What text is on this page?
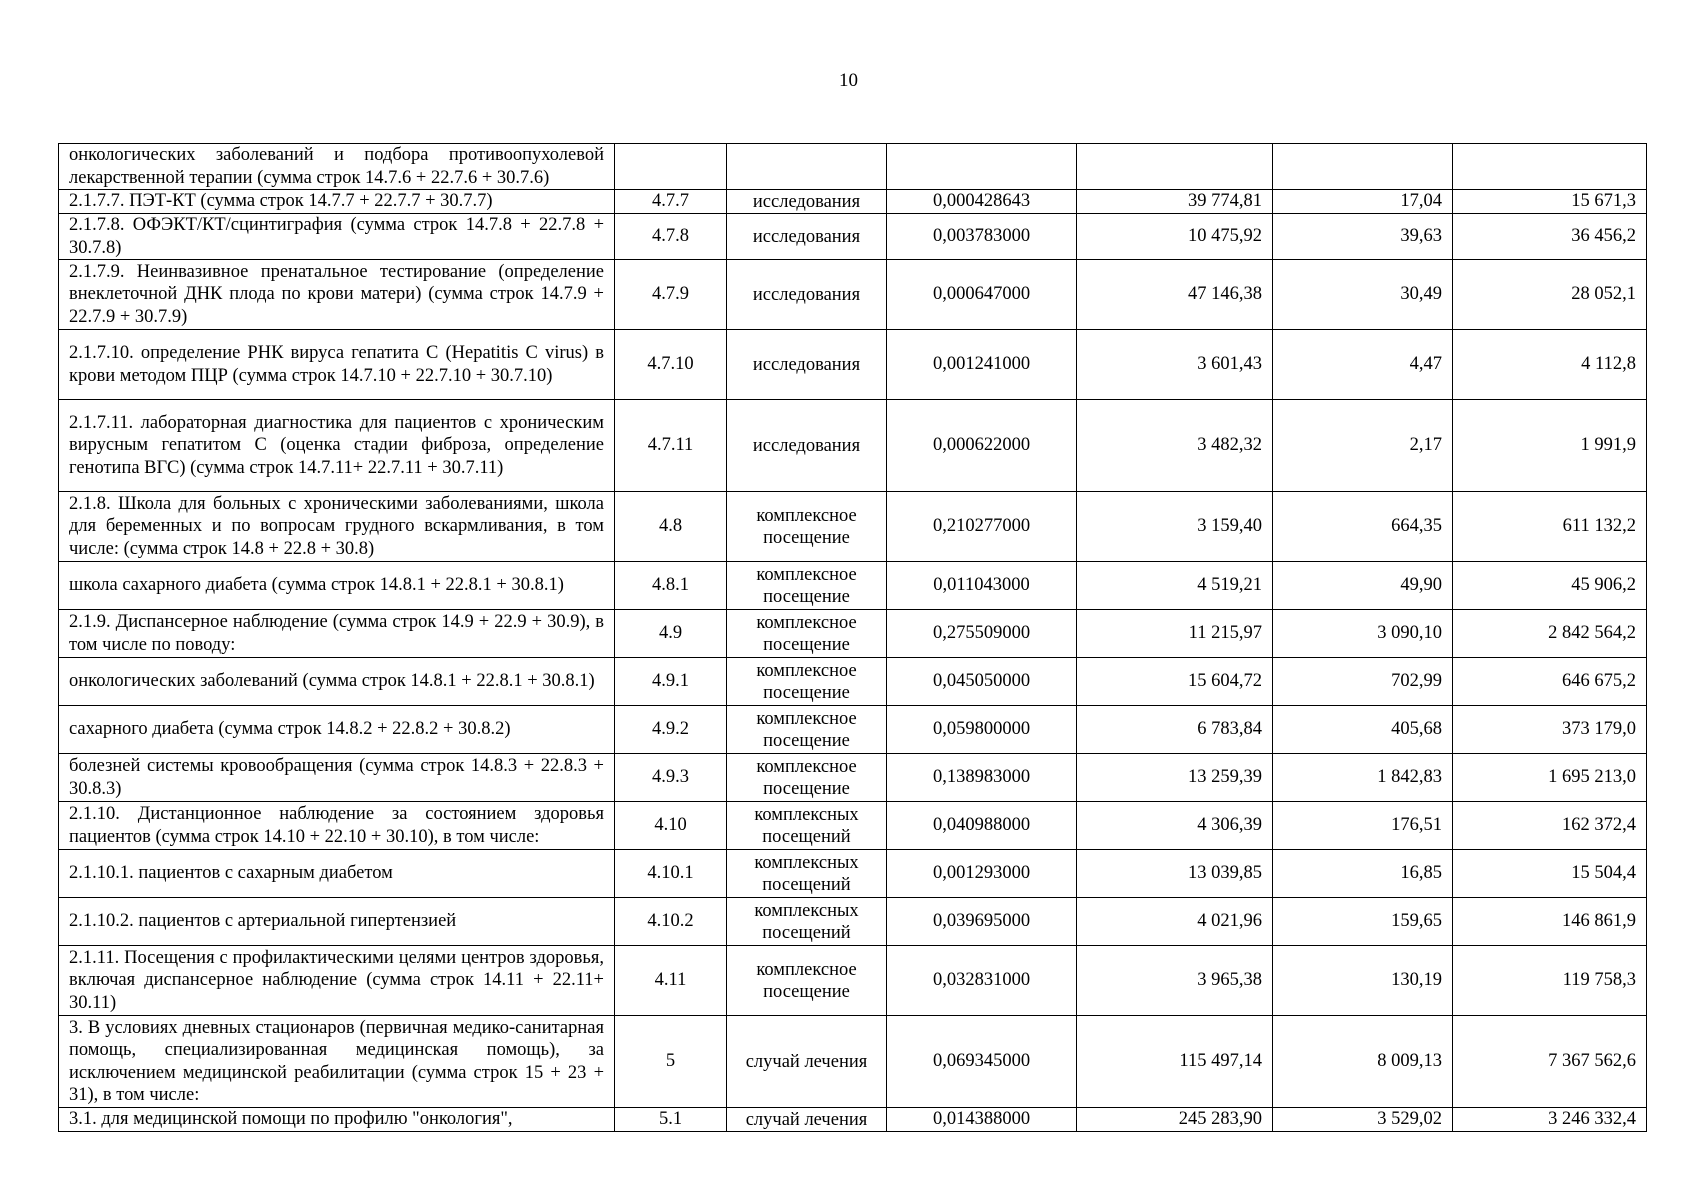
10
онкологических заболеваний и подбора противоопухолевой лекарственной терапии (сумма строк 14.7.6 + 22.7.6 + 30.7.6)						
2.1.7.7. ПЭТ-КТ (сумма строк 14.7.7 + 22.7.7 + 30.7.7)	4.7.7	исследования	0,000428643	39 774,81	17,04	15 671,3
2.1.7.8. ОФЭКТ/КТ/сцинтиграфия (сумма строк 14.7.8 + 22.7.8 + 30.7.8)	4.7.8	исследования	0,003783000	10 475,92	39,63	36 456,2
2.1.7.9. Неинвазивное пренатальное тестирование (определение внеклеточной ДНК плода по крови матери) (сумма строк 14.7.9 + 22.7.9 + 30.7.9)	4.7.9	исследования	0,000647000	47 146,38	30,49	28 052,1
2.1.7.10. определение РНК вируса гепатита С (Hepatitis C virus) в крови методом ПЦР (сумма строк 14.7.10 + 22.7.10 + 30.7.10)	4.7.10	исследования	0,001241000	3 601,43	4,47	4 112,8
2.1.7.11. лабораторная диагностика для пациентов с хроническим вирусным гепатитом С (оценка стадии фиброза, определение генотипа ВГС) (сумма строк 14.7.11+ 22.7.11 + 30.7.11)	4.7.11	исследования	0,000622000	3 482,32	2,17	1 991,9
2.1.8. Школа для больных с хроническими заболеваниями, школа для беременных и по вопросам грудного вскармливания, в том числе: (сумма строк 14.8 + 22.8 + 30.8)	4.8	комплексное посещение	0,210277000	3 159,40	664,35	611 132,2
школа сахарного диабета (сумма строк 14.8.1 + 22.8.1 + 30.8.1)	4.8.1	комплексное посещение	0,011043000	4 519,21	49,90	45 906,2
2.1.9. Диспансерное наблюдение (сумма строк 14.9 + 22.9 + 30.9), в том числе по поводу:	4.9	комплексное посещение	0,275509000	11 215,97	3 090,10	2 842 564,2
онкологических заболеваний (сумма строк 14.8.1 + 22.8.1 + 30.8.1)	4.9.1	комплексное посещение	0,045050000	15 604,72	702,99	646 675,2
сахарного диабета (сумма строк 14.8.2 + 22.8.2 + 30.8.2)	4.9.2	комплексное посещение	0,059800000	6 783,84	405,68	373 179,0
болезней системы кровообращения (сумма строк 14.8.3 + 22.8.3 + 30.8.3)	4.9.3	комплексное посещение	0,138983000	13 259,39	1 842,83	1 695 213,0
2.1.10. Дистанционное наблюдение за состоянием здоровья пациентов (сумма строк 14.10 + 22.10 + 30.10), в том числе:	4.10	комплексных посещений	0,040988000	4 306,39	176,51	162 372,4
2.1.10.1. пациентов с сахарным диабетом	4.10.1	комплексных посещений	0,001293000	13 039,85	16,85	15 504,4
2.1.10.2. пациентов с артериальной гипертензией	4.10.2	комплексных посещений	0,039695000	4 021,96	159,65	146 861,9
2.1.11. Посещения с профилактическими целями центров здоровья, включая диспансерное наблюдение (сумма строк 14.11 + 22.11+ 30.11)	4.11	комплексное посещение	0,032831000	3 965,38	130,19	119 758,3
3. В условиях дневных стационаров (первичная медико-санитарная помощь, специализированная медицинская помощь), за исключением медицинской реабилитации (сумма строк 15 + 23 + 31), в том числе:	5	случай лечения	0,069345000	115 497,14	8 009,13	7 367 562,6
3.1. для медицинской помощи по профилю "онкология",	5.1	случай лечения	0,014388000	245 283,90	3 529,02	3 246 332,4
